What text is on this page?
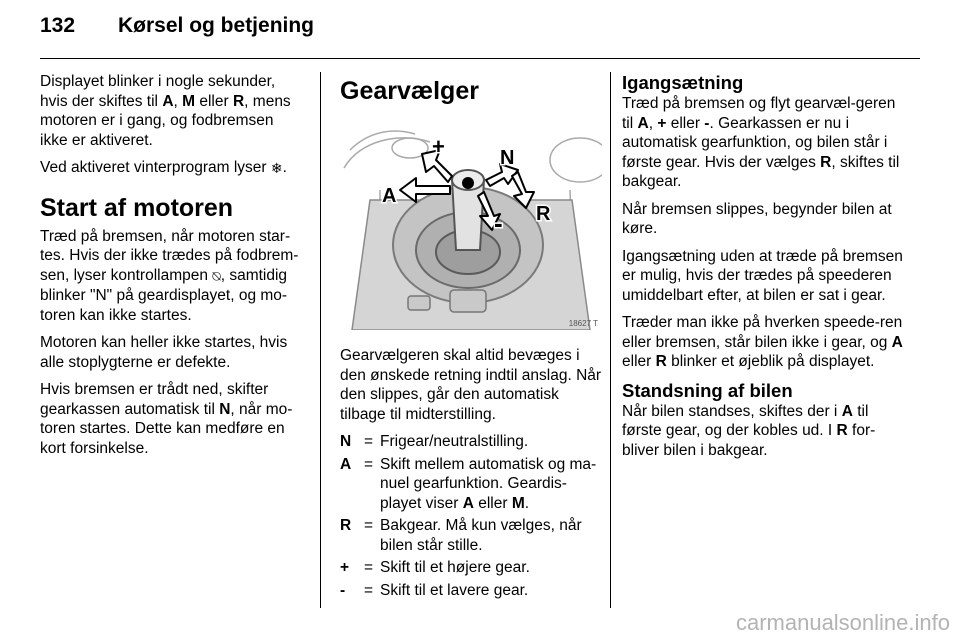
132 Kørsel og betjening

Displayet blinker i nogle sekunder, hvis der skiftes til A, M eller R, mens motoren er i gang, og fodbremsen ikke er aktiveret.

Ved aktiveret vinterprogram lyser ❄.

Start af motoren

Træd på bremsen, når motoren star-tes. Hvis der ikke trædes på fodbrem-sen, lyser kontrollampen ⍉, samtidig blinker "N" på geardisplayet, og mo-toren kan ikke startes.

Motoren kan heller ikke startes, hvis alle stoplygterne er defekte.

Hvis bremsen er trådt ned, skifter gearkassen automatisk til N, når mo-toren startes. Dette kan medføre en kort forsinkelse.

Gearvælger
+	N
A
R
-
18627 T

Gearvælgeren skal altid bevæges i den ønskede retning indtil anslag. Når den slippes, går den automatisk tilbage til midterstilling.

N = Frigear/neutralstilling.
A = Skift mellem automatisk og ma-nuel gearfunktion. Geardis-playet viser A eller M.
R = Bakgear. Må kun vælges, når bilen står stille.
+ = Skift til et højere gear.
-	= Skift til et lavere gear.
Igangsætning

Træd på bremsen og flyt gearvæl-geren til A, + eller -. Gearkassen er nu i automatisk gearfunktion, og bilen står i første gear. Hvis der vælges R, skiftes til bakgear.

Når bremsen slippes, begynder bilen at køre.

Igangsætning uden at træde på bremsen er mulig, hvis der trædes på speederen umiddelbart efter, at bilen er sat i gear.

Træder man ikke på hverken speede-ren eller bremsen, står bilen ikke i gear, og A eller R blinker et øjeblik på displayet.

Standsning af bilen

Når bilen standses, skiftes der i A til første gear, og der kobles ud. I R for-bliver bilen i bakgear.

carmanualsonline.info
